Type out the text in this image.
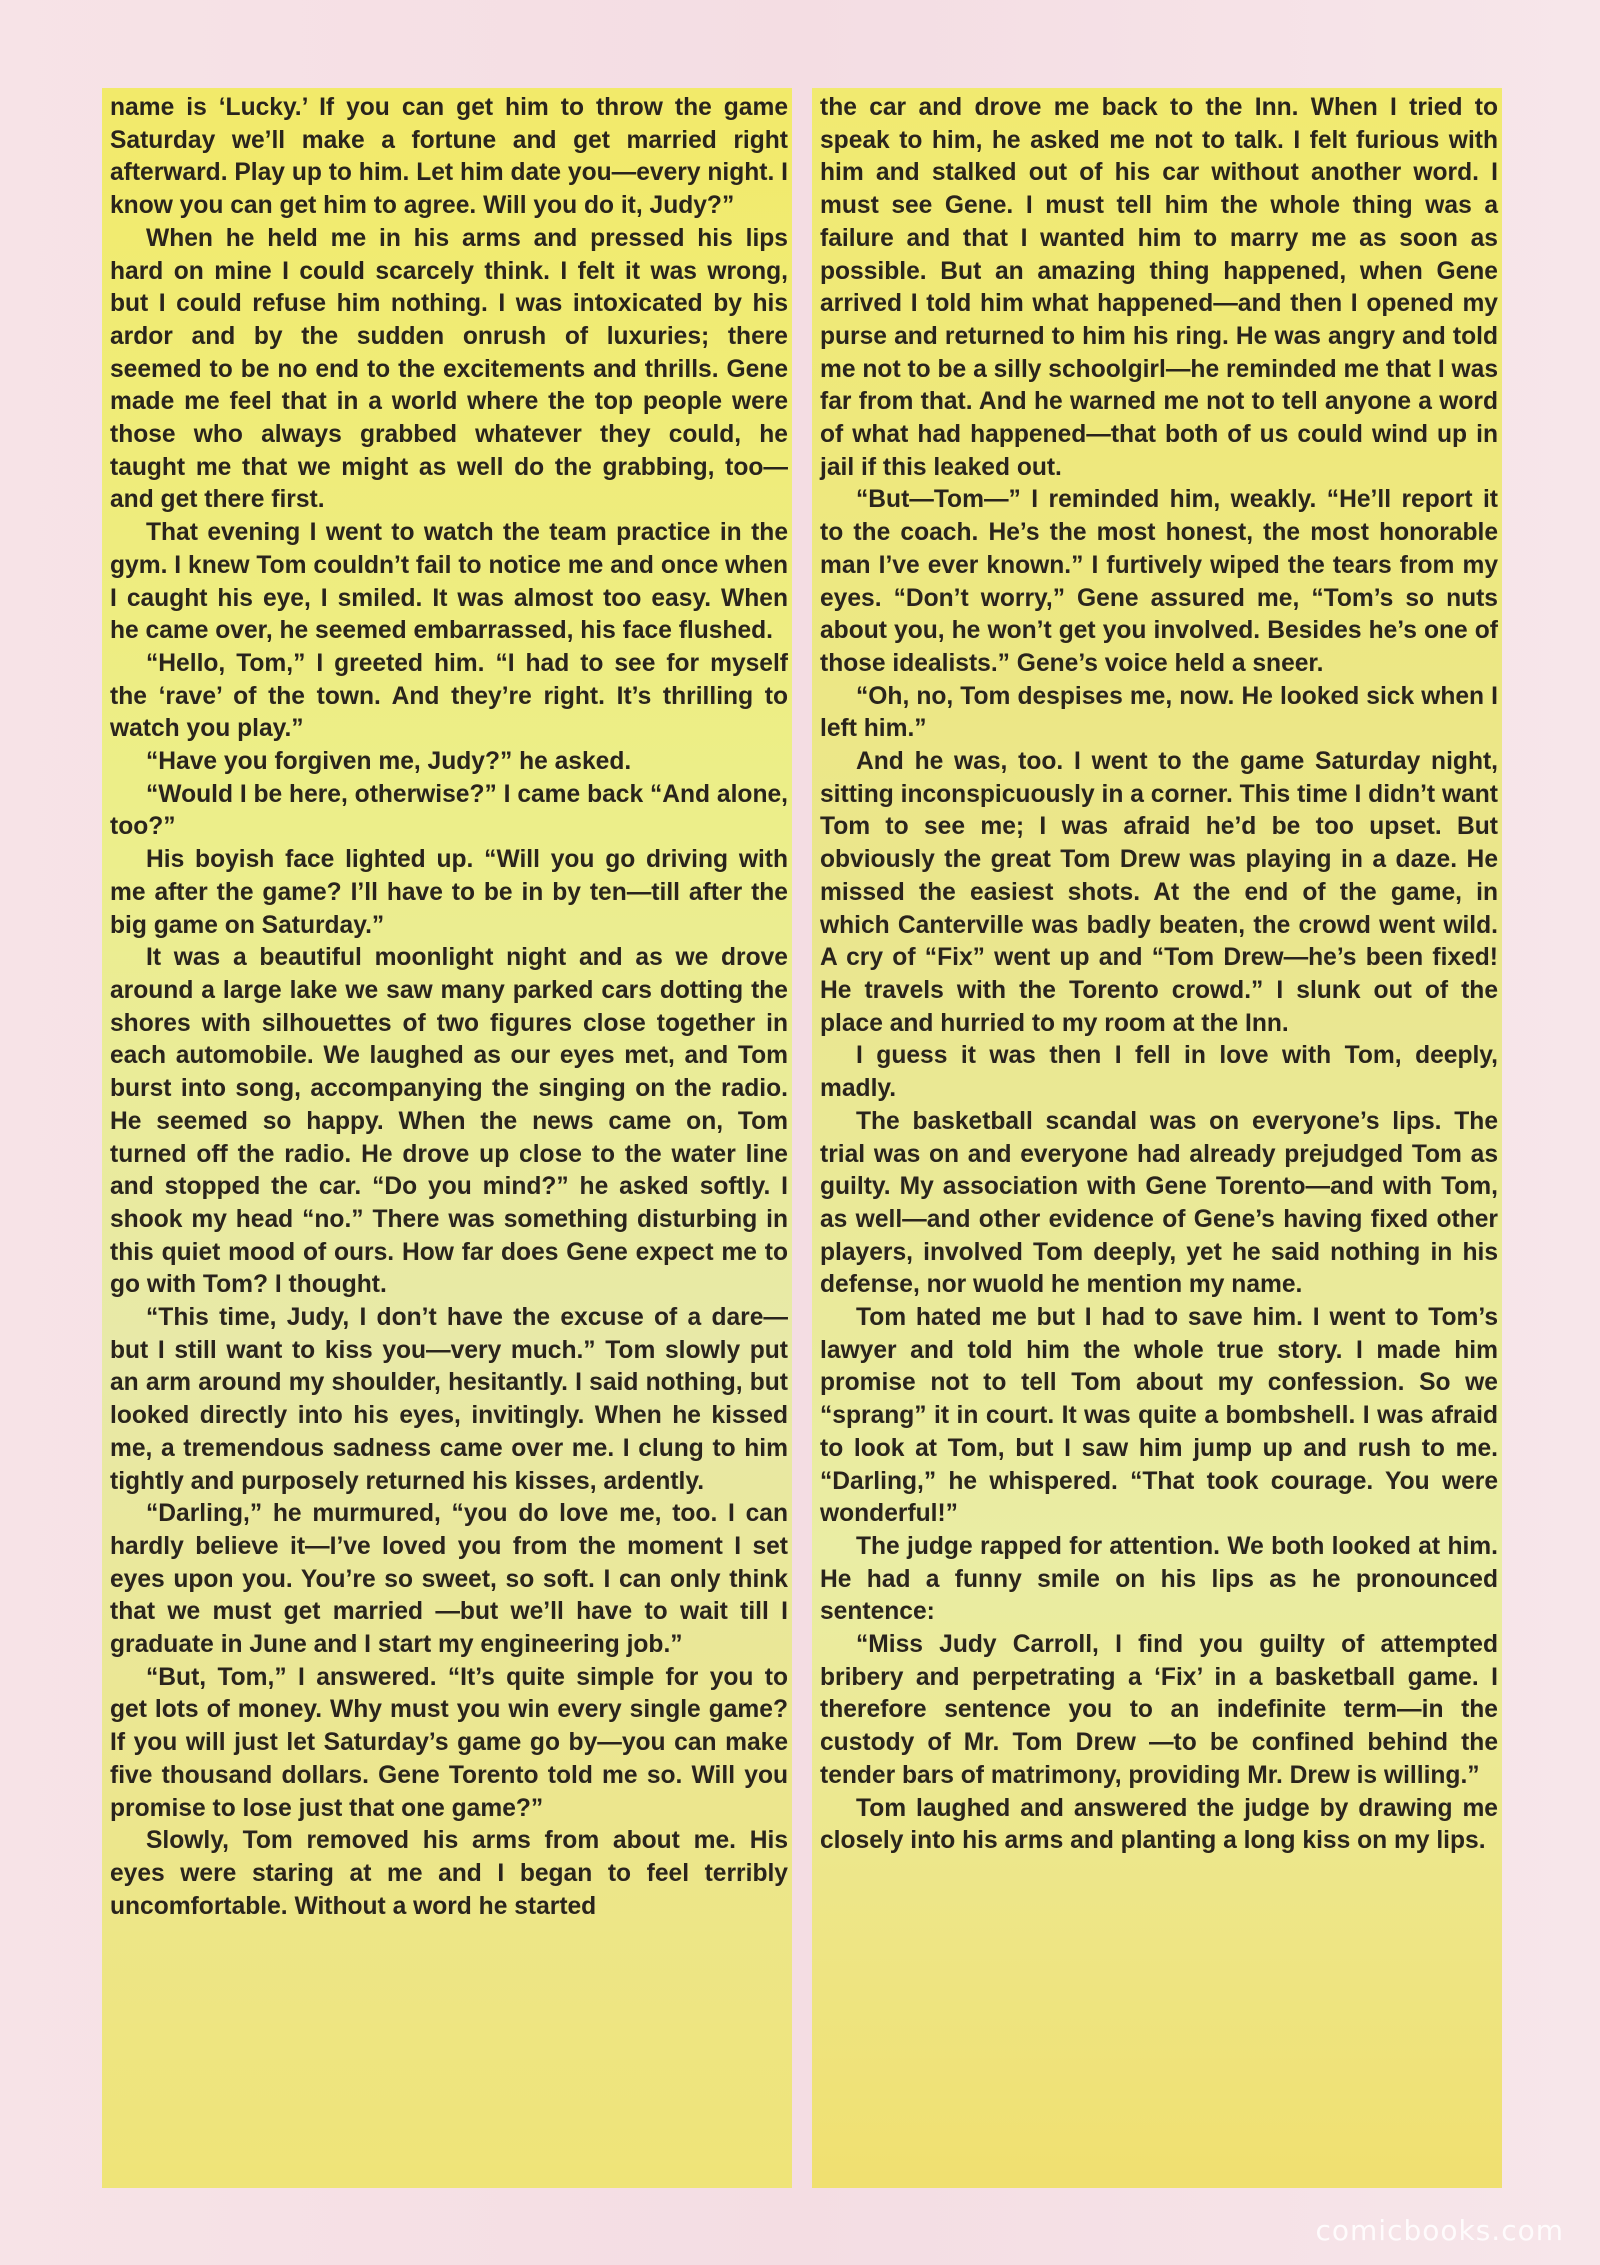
name is ‘Lucky.’ If you can get him to throw the game Saturday we’ll make a fortune and get married right afterward. Play up to him. Let him date you—every night. I know you can get him to agree. Will you do it, Judy?”

When he held me in his arms and pressed his lips hard on mine I could scarcely think. I felt it was wrong, but I could refuse him nothing. I was intoxicated by his ardor and by the sudden onrush of luxuries; there seemed to be no end to the excitements and thrills. Gene made me feel that in a world where the top people were those who always grabbed whatever they could, he taught me that we might as well do the grabbing, too—and get there first.

That evening I went to watch the team practice in the gym. I knew Tom couldn’t fail to notice me and once when I caught his eye, I smiled. It was almost too easy. When he came over, he seemed embarrassed, his face flushed.

“Hello, Tom,” I greeted him. “I had to see for myself the ‘rave’ of the town. And they’re right. It’s thrilling to watch you play.”

“Have you forgiven me, Judy?” he asked.

“Would I be here, otherwise?” I came back “And alone, too?”

His boyish face lighted up. “Will you go driving with me after the game? I’ll have to be in by ten—till after the big game on Saturday.”

It was a beautiful moonlight night and as we drove around a large lake we saw many parked cars dotting the shores with silhouettes of two figures close together in each automobile. We laughed as our eyes met, and Tom burst into song, accompanying the singing on the radio. He seemed so happy. When the news came on, Tom turned off the radio. He drove up close to the water line and stopped the car. “Do you mind?” he asked softly. I shook my head “no.” There was something disturbing in this quiet mood of ours. How far does Gene expect me to go with Tom? I thought.

“This time, Judy, I don’t have the excuse of a dare—but I still want to kiss you—very much.” Tom slowly put an arm around my shoulder, hesitantly. I said nothing, but looked directly into his eyes, invitingly. When he kissed me, a tremendous sadness came over me. I clung to him tightly and purposely returned his kisses, ardently.

“Darling,” he murmured, “you do love me, too. I can hardly believe it—I’ve loved you from the moment I set eyes upon you. You’re so sweet, so soft. I can only think that we must get married —but we’ll have to wait till I graduate in June and I start my engineering job.”

“But, Tom,” I answered. “It’s quite simple for you to get lots of money. Why must you win every single game? If you will just let Saturday’s game go by—you can make five thousand dollars. Gene Torento told me so. Will you promise to lose just that one game?”

Slowly, Tom removed his arms from about me. His eyes were staring at me and I began to feel terribly uncomfortable. Without a word he started

the car and drove me back to the Inn. When I tried to speak to him, he asked me not to talk. I felt furious with him and stalked out of his car without another word. I must see Gene. I must tell him the whole thing was a failure and that I wanted him to marry me as soon as possible. But an amazing thing happened, when Gene arrived I told him what happened—and then I opened my purse and returned to him his ring. He was angry and told me not to be a silly schoolgirl—he reminded me that I was far from that. And he warned me not to tell anyone a word of what had happened—that both of us could wind up in jail if this leaked out.

“But—Tom—” I reminded him, weakly. “He’ll report it to the coach. He’s the most honest, the most honorable man I’ve ever known.” I furtively wiped the tears from my eyes. “Don’t worry,” Gene assured me, “Tom’s so nuts about you, he won’t get you involved. Besides he’s one of those idealists.” Gene’s voice held a sneer.

“Oh, no, Tom despises me, now. He looked sick when I left him.”

And he was, too. I went to the game Saturday night, sitting inconspicuously in a corner. This time I didn’t want Tom to see me; I was afraid he’d be too upset. But obviously the great Tom Drew was playing in a daze. He missed the easiest shots. At the end of the game, in which Canterville was badly beaten, the crowd went wild. A cry of “Fix” went up and “Tom Drew—he’s been fixed! He travels with the Torento crowd.” I slunk out of the place and hurried to my room at the Inn.

I guess it was then I fell in love with Tom, deeply, madly.

The basketball scandal was on everyone’s lips. The trial was on and everyone had already prejudged Tom as guilty. My association with Gene Torento—and with Tom, as well—and other evidence of Gene’s having fixed other players, involved Tom deeply, yet he said nothing in his defense, nor wuold he mention my name.

Tom hated me but I had to save him. I went to Tom’s lawyer and told him the whole true story. I made him promise not to tell Tom about my confession. So we “sprang” it in court. It was quite a bombshell. I was afraid to look at Tom, but I saw him jump up and rush to me. “Darling,” he whispered. “That took courage. You were wonderful!”

The judge rapped for attention. We both looked at him. He had a funny smile on his lips as he pronounced sentence:

“Miss Judy Carroll, I find you guilty of attempted bribery and perpetrating a ‘Fix’ in a basketball game. I therefore sentence you to an indefinite term—in the custody of Mr. Tom Drew —to be confined behind the tender bars of matrimony, providing Mr. Drew is willing.”

Tom laughed and answered the judge by drawing me closely into his arms and planting a long kiss on my lips.

comicbooks.com
